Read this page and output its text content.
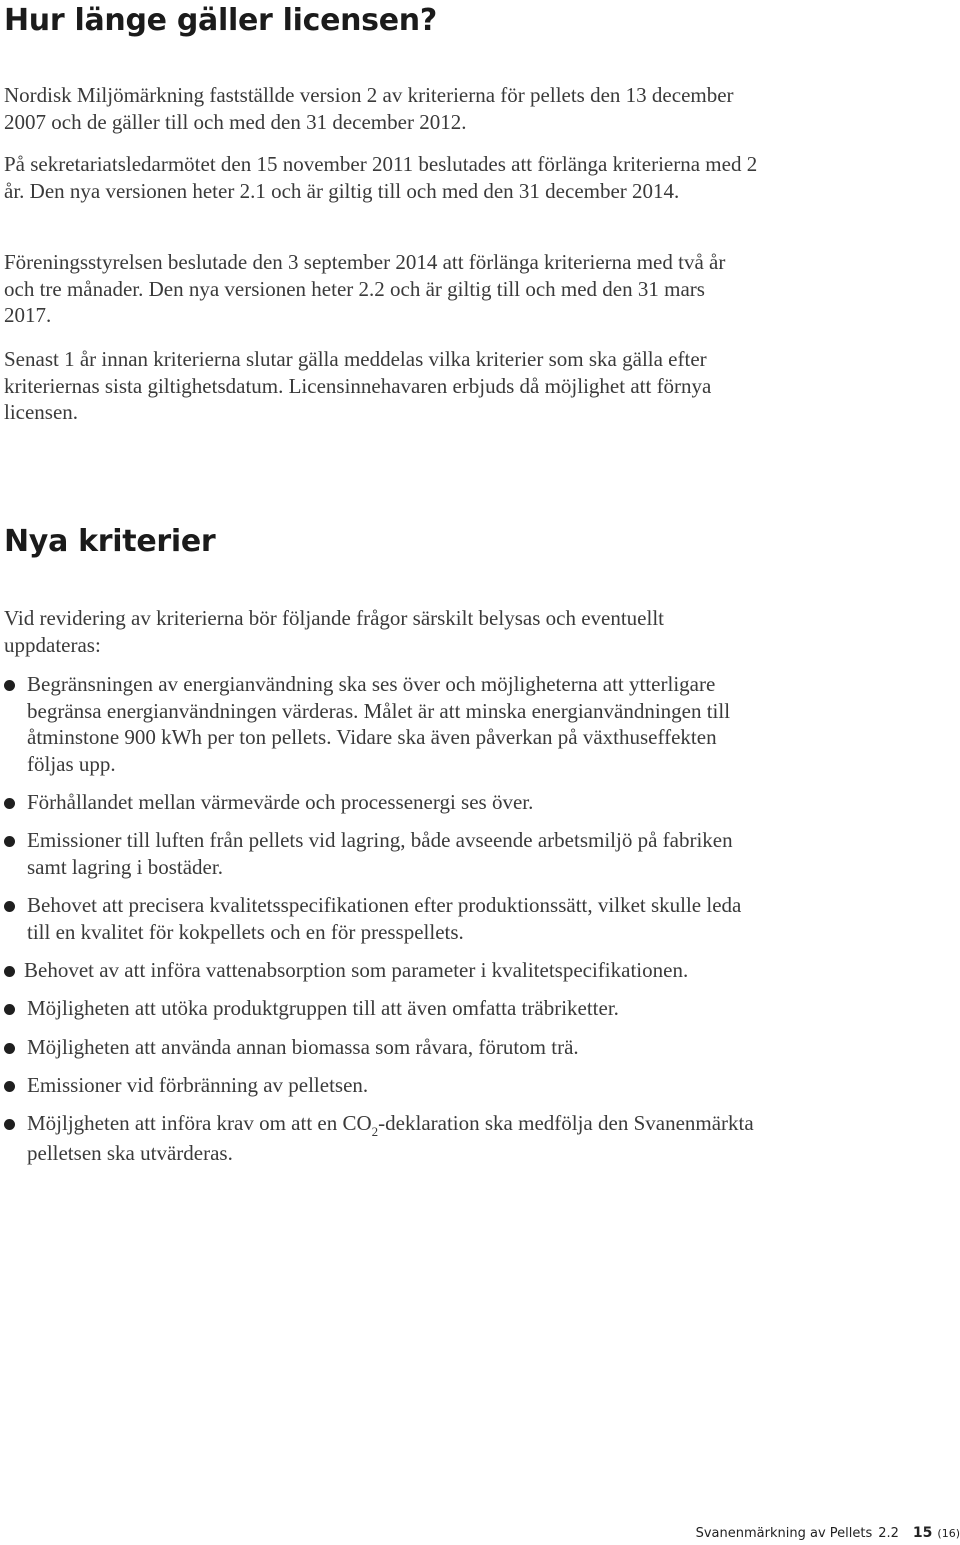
Hur länge gäller licensen?

Nordisk Miljömärkning fastställde version 2 av kriterierna för pellets den 13 december 2007 och de gäller till och med den 31 december 2012.

På sekretariatsledarmötet den 15 november 2011 beslutades att förlänga kriterierna med 2 år. Den nya versionen heter 2.1 och är giltig till och med den 31 december 2014.

Föreningsstyrelsen beslutade den 3 september 2014 att förlänga kriterierna med två år och tre månader. Den nya versionen heter 2.2 och är giltig till och med den 31 mars 2017.

Senast 1 år innan kriterierna slutar gälla meddelas vilka kriterier som ska gälla efter kriteriernas sista giltighetsdatum. Licensinnehavaren erbjuds då möjlighet att förnya licensen.

Nya kriterier

Vid revidering av kriterierna bör följande frågor särskilt belysas och eventuellt uppdateras:

Begränsningen av energianvändning ska ses över och möjligheterna att ytterligare begränsa energianvändningen värderas. Målet är att minska energianvändningen till åtminstone 900 kWh per ton pellets. Vidare ska även påverkan på växthuseffekten följas upp.
Förhållandet mellan värmevärde och processenergi ses över.
Emissioner till luften från pellets vid lagring, både avseende arbetsmiljö på fabriken samt lagring i bostäder.
Behovet att precisera kvalitetsspecifikationen efter produktionssätt, vilket skulle leda till en kvalitet för kokpellets och en för presspellets.
Behovet av att införa vattenabsorption som parameter i kvalitetspecifikationen.
Möjligheten att utöka produktgruppen till att även omfatta träbriketter.
Möjligheten att använda annan biomassa som råvara, förutom trä.
Emissioner vid förbränning av pelletsen.
Möjljgheten att införa krav om att en $CO_2$-deklaration ska medfölja den Svanenmärkta pelletsen ska utvärderas.
Svanenmärkning av Pellets 2.2 15 (16)
